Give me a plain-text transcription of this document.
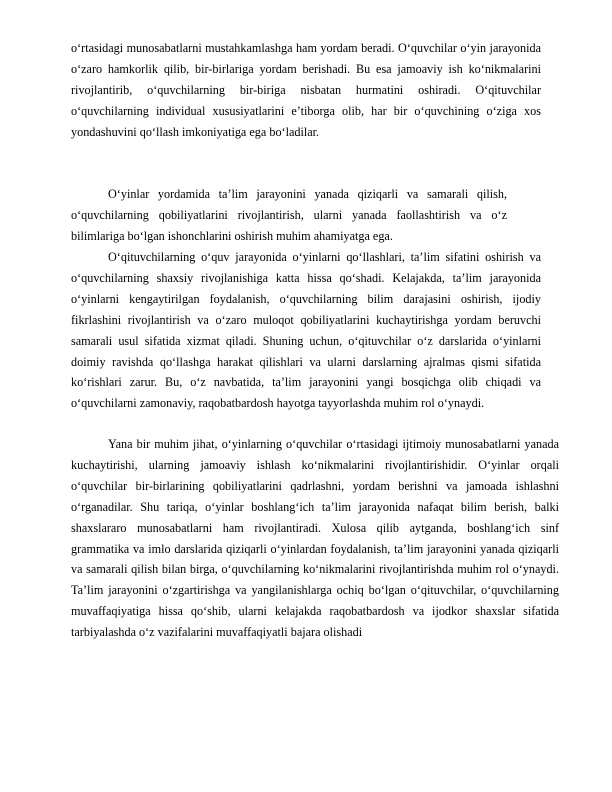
o‘rtasidagi munosabatlarni mustahkamlashga ham yordam beradi. O‘quvchilar o‘yin jarayonida o‘zaro hamkorlik qilib, bir-birlariga yordam berishadi. Bu esa jamoaviy ish ko‘nikmalarini rivojlantirib, o‘quvchilarning bir-biriga nisbatan hurmatini oshiradi. O‘qituvchilar o‘quvchilarning individual xususiyatlarini e’tiborga olib, har bir o‘quvchining o‘ziga xos yondashuvini qo‘llash imkoniyatiga ega bo‘ladilar.

O‘yinlar yordamida ta’lim jarayonini yanada qiziqarli va samarali qilish, o‘quvchilarning qobiliyatlarini rivojlantirish, ularni yanada faollashtirish va o‘z bilimlariga bo‘lgan ishonchlarini oshirish muhim ahamiyatga ega.

O‘qituvchilarning o‘quv jarayonida o‘yinlarni qo‘llashlari, ta’lim sifatini oshirish va o‘quvchilarning shaxsiy rivojlanishiga katta hissa qo‘shadi. Kelajakda, ta’lim jarayonida o‘yinlarni kengaytirilgan foydalanish, o‘quvchilarning bilim darajasini oshirish, ijodiy fikrlashini rivojlantirish va o‘zaro muloqot qobiliyatlarini kuchaytirishga yordam beruvchi samarali usul sifatida xizmat qiladi. Shuning uchun, o‘qituvchilar o‘z darslarida o‘yinlarni doimiy ravishda qo‘llashga harakat qilishlari va ularni darslarning ajralmas qismi sifatida ko‘rishlari zarur. Bu, o‘z navbatida, ta’lim jarayonini yangi bosqichga olib chiqadi va o‘quvchilarni zamonaviy, raqobatbardosh hayotga tayyorlashda muhim rol o‘ynaydi.

Yana bir muhim jihat, o‘yinlarning o‘quvchilar o‘rtasidagi ijtimoiy munosabatlarni yanada kuchaytirishi, ularning jamoaviy ishlash ko‘nikmalarini rivojlantirishidir. O‘yinlar orqali o‘quvchilar bir-birlarining qobiliyatlarini qadrlashni, yordam berishni va jamoada ishlashni o‘rganadilar. Shu tariqa, o‘yinlar boshlang‘ich ta’lim jarayonida nafaqat bilim berish, balki shaxslararo munosabatlarni ham rivojlantiradi. Xulosa qilib aytganda, boshlang‘ich sinf grammatika va imlo darslarida qiziqarli o‘yinlardan foydalanish, ta’lim jarayonini yanada qiziqarli va samarali qilish bilan birga, o‘quvchilarning ko‘nikmalarini rivojlantirishda muhim rol o‘ynaydi. Ta’lim jarayonini o‘zgartirishga va yangilanishlarga ochiq bo‘lgan o‘qituvchilar, o‘quvchilarning muvaffaqiyatiga hissa qo‘shib, ularni kelajakda raqobatbardosh va ijodkor shaxslar sifatida tarbiyalashda o‘z vazifalarini muvaffaqiyatli bajara olishadi
